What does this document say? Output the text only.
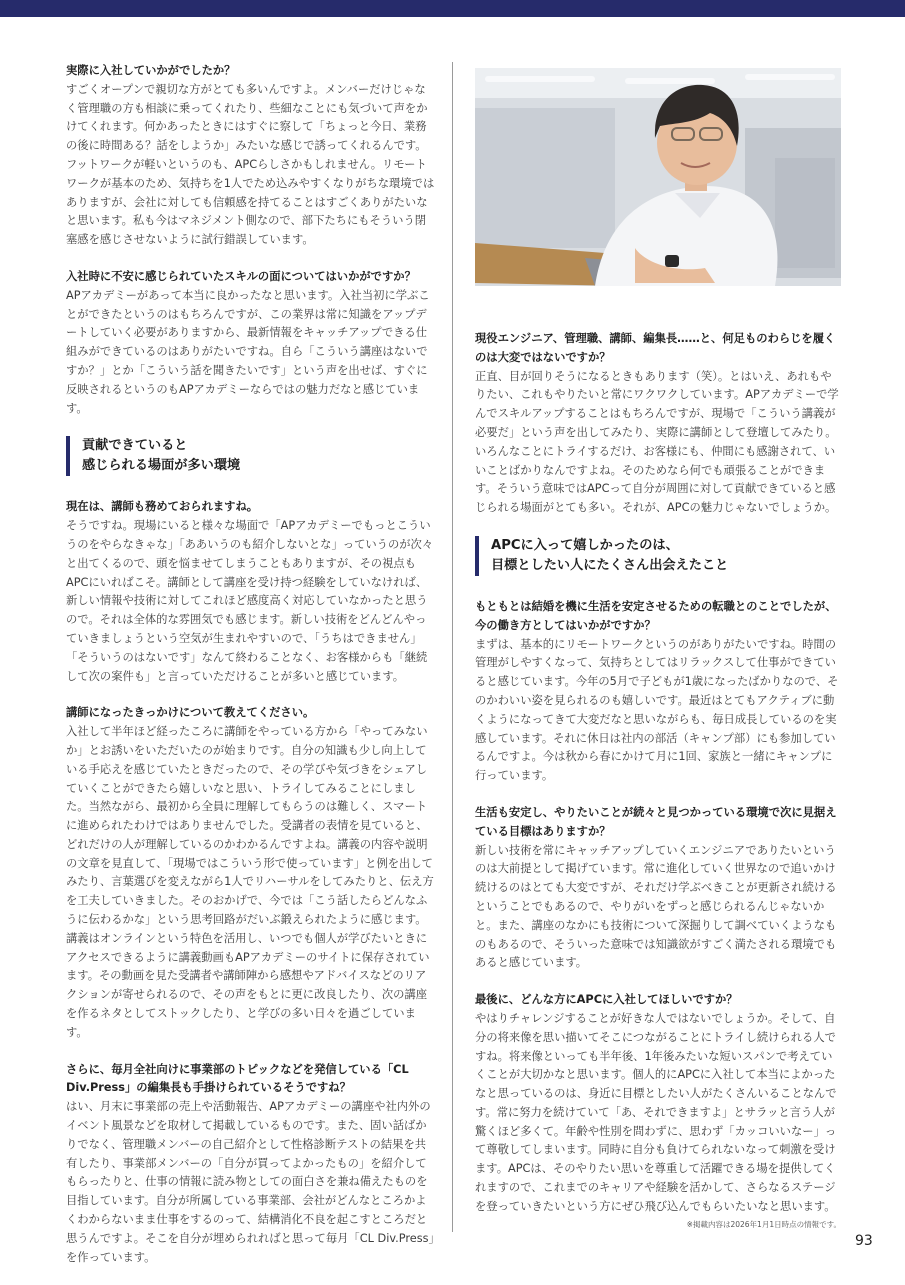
実際に入社していかがでしたか？

すごくオープンで親切な方がとても多いんですよ。メンバーだけじゃなく管理職の方も相談に乗ってくれたり、些細なことにも気づいて声をかけてくれます。何かあったときにはすぐに察して「ちょっと今日、業務の後に時間ある？話をしようか」みたいな感じで誘ってくれるんです。フットワークが軽いというのも、APCらしさかもしれません。リモートワークが基本のため、気持ちを1人でため込みやすくなりがちな環境ではありますが、会社に対しても信頼感を持てることはすごくありがたいなと思います。私も今はマネジメント側なので、部下たちにもそういう閉塞感を感じさせないように試行錯誤しています。

入社時に不安に感じられていたスキルの面についてはいかがですか？

APアカデミーがあって本当に良かったなと思います。入社当初に学ぶことができたというのはもちろんですが、この業界は常に知識をアップデートしていく必要がありますから、最新情報をキャッチアップできる仕組みができているのはありがたいですね。自ら「こういう講座はないですか？」とか「こういう話を聞きたいです」という声を出せば、すぐに反映されるというのもAPアカデミーならではの魅力だなと感じています。

貢献できていると
感じられる場面が多い環境

現在は、講師も務めておられますね。

そうですね。現場にいると様々な場面で「APアカデミーでもっとこういうのをやらなきゃな」「ああいうのも紹介しないとな」っていうのが次々と出てくるので、頭を悩ませてしまうこともありますが、その視点もAPCにいればこそ。講師として講座を受け持つ経験をしていなければ、新しい情報や技術に対してこれほど感度高く対応していなかったと思うので。それは全体的な雰囲気でも感じます。新しい技術をどんどんやっていきましょうという空気が生まれやすいので、「うちはできません」「そういうのはないです」なんて終わることなく、お客様からも「継続して次の案件も」と言っていただけることが多いと感じています。

講師になったきっかけについて教えてください。

入社して半年ほど経ったころに講師をやっている方から「やってみないか」とお誘いをいただいたのが始まりです。自分の知識も少し向上している手応えを感じていたときだったので、その学びや気づきをシェアしていくことができたら嬉しいなと思い、トライしてみることにしました。当然ながら、最初から全員に理解してもらうのは難しく、スマートに進められたわけではありませんでした。受講者の表情を見ていると、どれだけの人が理解しているのかわかるんですよね。講義の内容や説明の文章を見直して、「現場ではこういう形で使っています」と例を出してみたり、言葉選びを変えながら1人でリハーサルをしてみたりと、伝え方を工夫していきました。そのおかげで、今では「こう話したらどんなふうに伝わるかな」という思考回路がだいぶ鍛えられたように感じます。講義はオンラインという特色を活用し、いつでも個人が学びたいときにアクセスできるように講義動画もAPアカデミーのサイトに保存されています。その動画を見た受講者や講師陣から感想やアドバイスなどのリアクションが寄せられるので、その声をもとに更に改良したり、次の講座を作るネタとしてストックしたり、と学びの多い日々を過ごしています。

さらに、毎月全社向けに事業部のトピックなどを発信している「CL Div.Press」の編集長も手掛けられているそうですね？

はい、月末に事業部の売上や活動報告、APアカデミーの講座や社内外のイベント風景などを取材して掲載しているものです。また、固い話ばかりでなく、管理職メンバーの自己紹介として性格診断テストの結果を共有したり、事業部メンバーの「自分が買ってよかったもの」を紹介してもらったりと、仕事の情報に読み物としての面白さを兼ね備えたものを目指しています。自分が所属している事業部、会社がどんなところかよくわからないまま仕事をするのって、結構消化不良を起こすところだと思うんですよ。そこを自分が埋められればと思って毎月「CL Div.Press」を作っています。

現役エンジニア、管理職、講師、編集長……と、何足ものわらじを履くのは大変ではないですか？

正直、目が回りそうになるときもあります（笑）。とはいえ、あれもやりたい、これもやりたいと常にワクワクしています。APアカデミーで学んでスキルアップすることはもちろんですが、現場で「こういう講義が必要だ」という声を出してみたり、実際に講師として登壇してみたり。いろんなことにトライするだけ、お客様にも、仲間にも感謝されて、いいことばかりなんですよね。そのためなら何でも頑張ることができます。そういう意味ではAPCって自分が周囲に対して貢献できていると感じられる場面がとても多い。それが、APCの魅力じゃないでしょうか。

APCに入って嬉しかったのは、
目標としたい人にたくさん出会えたこと

もともとは結婚を機に生活を安定させるための転職とのことでしたが、今の働き方としてはいかがですか？

まずは、基本的にリモートワークというのがありがたいですね。時間の管理がしやすくなって、気持ちとしてはリラックスして仕事ができていると感じています。今年の5月で子どもが1歳になったばかりなので、そのかわいい姿を見られるのも嬉しいです。最近はとてもアクティブに動くようになってきて大変だなと思いながらも、毎日成長しているのを実感しています。それに休日は社内の部活（キャンプ部）にも参加しているんですよ。今は秋から春にかけて月に1回、家族と一緒にキャンプに行っています。

生活も安定し、やりたいことが続々と見つかっている環境で次に見据えている目標はありますか？

新しい技術を常にキャッチアップしていくエンジニアでありたいというのは大前提として掲げています。常に進化していく世界なので追いかけ続けるのはとても大変ですが、それだけ学ぶべきことが更新され続けるということでもあるので、やりがいをずっと感じられるんじゃないかと。また、講座のなかにも技術について深掘りして調べていくようなものもあるので、そういった意味では知識欲がすごく満たされる環境でもあると感じています。

最後に、どんな方にAPCに入社してほしいですか？

やはりチャレンジすることが好きな人ではないでしょうか。そして、自分の将来像を思い描いてそこにつながることにトライし続けられる人ですね。将来像といっても半年後、1年後みたいな短いスパンで考えていくことが大切かなと思います。個人的にAPCに入社して本当によかったなと思っているのは、身近に目標としたい人がたくさんいることなんです。常に努力を続けていて「あ、それできますよ」とサラッと言う人が驚くほど多くて。年齢や性別を問わずに、思わず「カッコいいなー」って尊敬してしまいます。同時に自分も負けてられないなって刺激を受けます。APCは、そのやりたい思いを尊重して活躍できる場を提供してくれますので、これまでのキャリアや経験を活かして、さらなるステージを登っていきたいという方にぜひ飛び込んでもらいたいなと思います。

※掲載内容は2026年1月1日時点の情報です。
93
